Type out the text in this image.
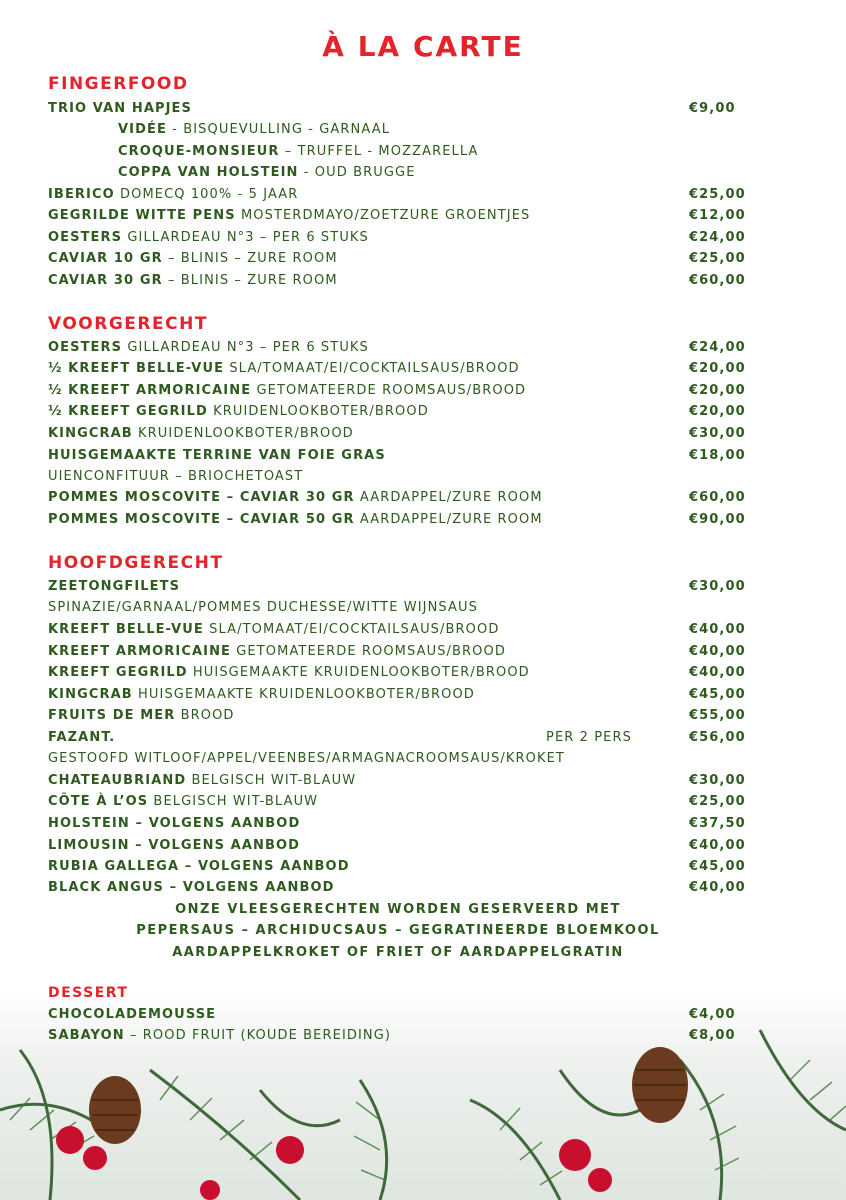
À LA CARTE
FINGERFOOD
TRIO VAN HAPJES	€9,00
VIDÉE - BISQUEVULLING - GARNAAL
CROQUE-MONSIEUR – TRUFFEL - MOZZARELLA
COPPA VAN HOLSTEIN - OUD BRUGGE
IBERICO DOMECQ 100% - 5 JAAR	€25,00
GEGRILDE WITTE PENS MOSTERDMAYO/ZOETZURE GROENTJES	€12,00
OESTERS GILLARDEAU N°3 – PER 6 STUKS	€24,00
CAVIAR 10 GR – BLINIS – ZURE ROOM	€25,00
CAVIAR 30 GR – BLINIS – ZURE ROOM	€60,00
VOORGERECHT
OESTERS GILLARDEAU N°3 – PER 6 STUKS	€24,00
½ KREEFT BELLE-VUE SLA/TOMAAT/EI/COCKTAILSAUS/BROOD	€20,00
½ KREEFT ARMORICAINE GETOMATEERDE ROOMSAUS/BROOD	€20,00
½ KREEFT GEGRILD KRUIDENLOOKBOTER/BROOD	€20,00
KINGCRAB KRUIDENLOOKBOTER/BROOD	€30,00
HUISGEMAAKTE TERRINE VAN FOIE GRAS	€18,00
UIENCONFITUUR – BRIOCHETOAST
POMMES MOSCOVITE – CAVIAR 30 GR AARDAPPEL/ZURE ROOM	€60,00
POMMES MOSCOVITE – CAVIAR 50 GR AARDAPPEL/ZURE ROOM	€90,00
HOOFDGERECHT
ZEETONGFILETS	€30,00
SPINAZIE/GARNAAL/POMMES DUCHESSE/WITTE WIJNSAUS
KREEFT BELLE-VUE SLA/TOMAAT/EI/COCKTAILSAUS/BROOD	€40,00
KREEFT ARMORICAINE GETOMATEERDE ROOMSAUS/BROOD	€40,00
KREEFT GEGRILD HUISGEMAAKTE KRUIDENLOOKBOTER/BROOD	€40,00
KINGCRAB HUISGEMAAKTE KRUIDENLOOKBOTER/BROOD	€45,00
FRUITS DE MER BROOD	€55,00
FAZANT.	PER 2 PERS	€56,00
GESTOOFD WITLOOF/APPEL/VEENBES/ARMAGNACROOMSAUS/KROKET
CHATEAUBRIAND BELGISCH WIT-BLAUW	€30,00
CÔTE À L’OS BELGISCH WIT-BLAUW	€25,00
HOLSTEIN – VOLGENS AANBOD	€37,50
LIMOUSIN – VOLGENS AANBOD	€40,00
RUBIA GALLEGA – VOLGENS AANBOD	€45,00
BLACK ANGUS – VOLGENS AANBOD	€40,00
ONZE VLEESGERECHTEN WORDEN GESERVEERD MET
PEPERSAUS – ARCHIDUCSAUS – GEGRATINEERDE BLOEMKOOL
AARDAPPELKROKET OF FRIET OF AARDAPPELGRATIN
DESSERT
CHOCOLADEMOUSSE	€4,00
SABAYON – ROOD FRUIT (KOUDE BEREIDING)	€8,00
